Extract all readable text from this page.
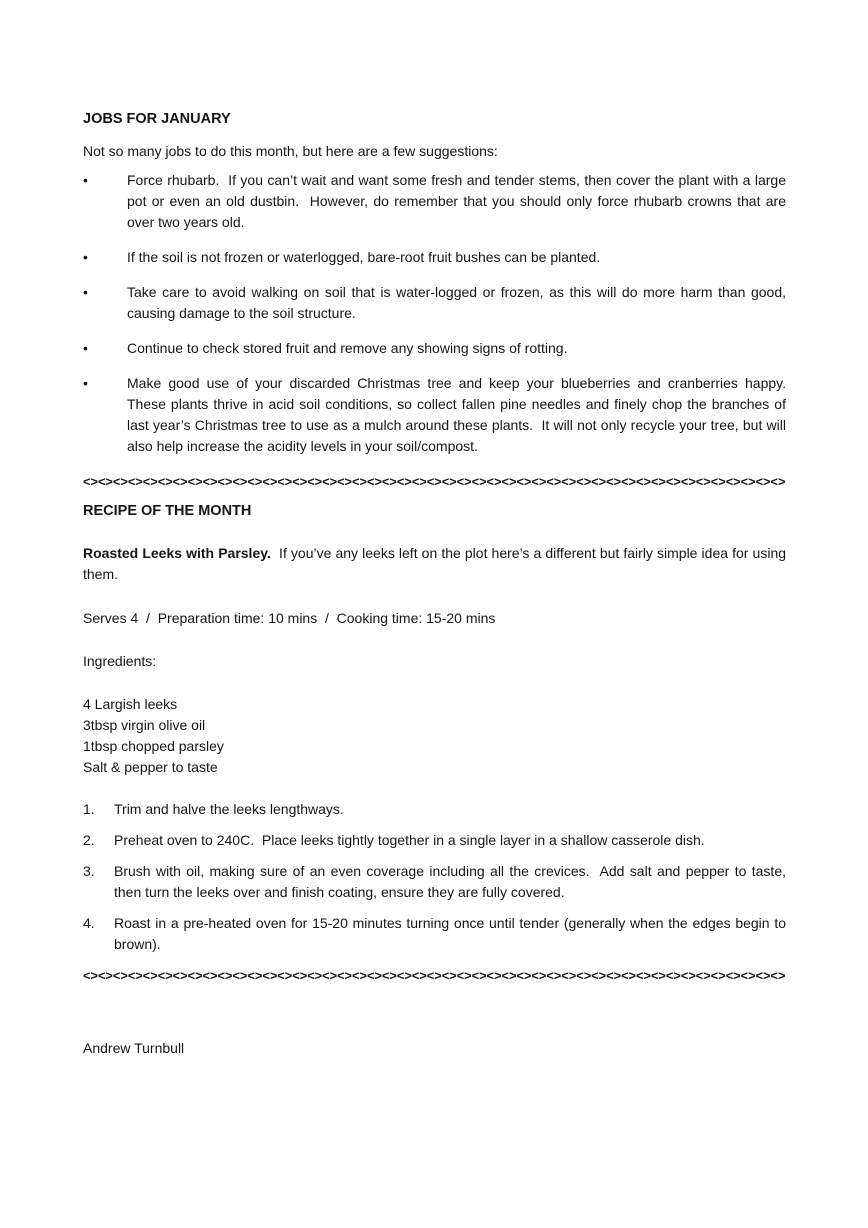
JOBS FOR JANUARY

Not so many jobs to do this month, but here are a few suggestions:

•	Force rhubarb.  If you can’t wait and want some fresh and tender stems, then cover the plant with a large pot or even an old dustbin.  However, do remember that you should only force rhubarb crowns that are over two years old.
•	If the soil is not frozen or waterlogged, bare-root fruit bushes can be planted.
•	Take care to avoid walking on soil that is water-logged or frozen, as this will do more harm than good, causing damage to the soil structure.
•	Continue to check stored fruit and remove any showing signs of rotting.
•	Make good use of your discarded Christmas tree and keep your blueberries and cranberries happy.  These plants thrive in acid soil conditions, so collect fallen pine needles and finely chop the branches of last year’s Christmas tree to use as a mulch around these plants.  It will not only recycle your tree, but will also help increase the acidity levels in your soil/compost.

<><><><><><><><><><><><><><><><><><><><><><><><><><><><><><><><><><><><><><><><><><><><><><><>

RECIPE OF THE MONTH

Roasted Leeks with Parsley.  If you’ve any leeks left on the plot here’s a different but fairly simple idea for using them.

Serves 4  /  Preparation time: 10 mins  /  Cooking time: 15-20 mins

Ingredients:

4 Largish leeks

3tbsp virgin olive oil

1tbsp chopped parsley

Salt & pepper to taste

1.	Trim and halve the leeks lengthways.
2.	Preheat oven to 240C.  Place leeks tightly together in a single layer in a shallow casserole dish.
3.	Brush with oil, making sure of an even coverage including all the crevices.  Add salt and pepper to taste, then turn the leeks over and finish coating, ensure they are fully covered.
4.	Roast in a pre-heated oven for 15-20 minutes turning once until tender (generally when the edges begin to brown).

<><><><><><><><><><><><><><><><><><><><><><><><><><><><><><><><><><><><><><><><><><><><><><><>

Andrew Turnbull
